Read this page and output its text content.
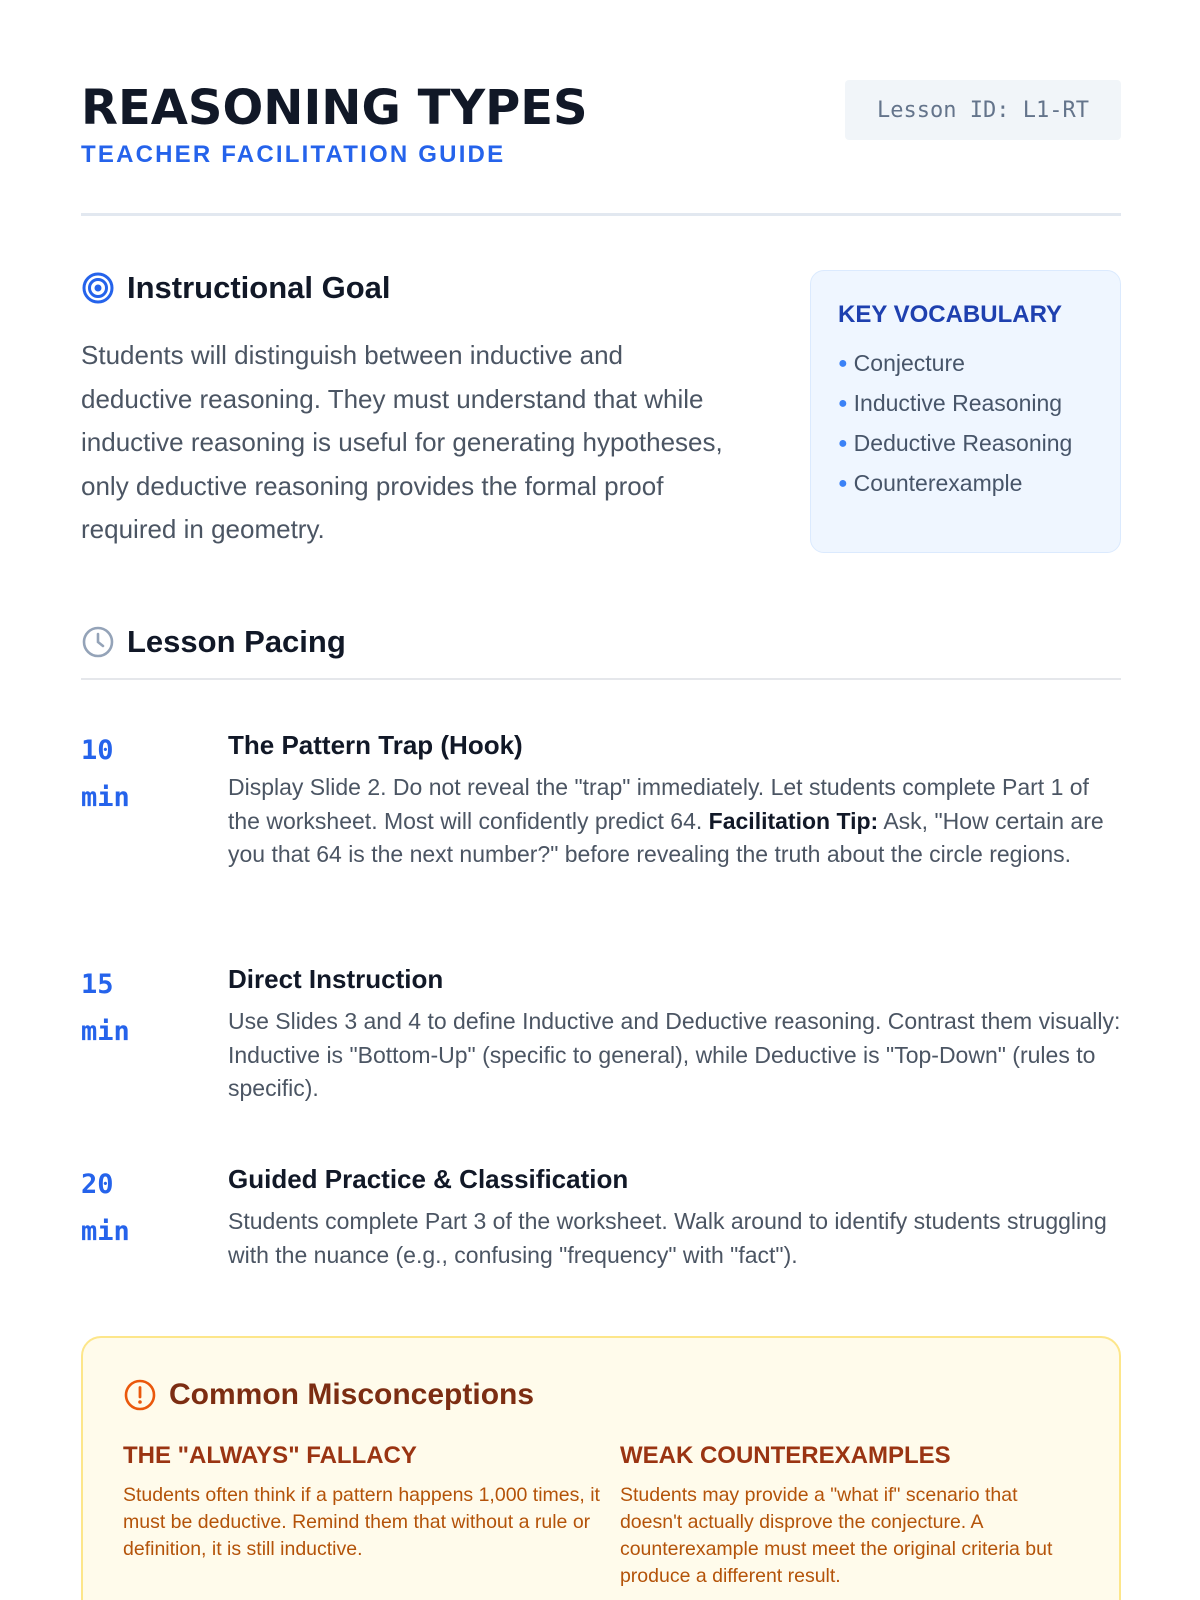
REASONING TYPES
TEACHER FACILITATION GUIDE
Lesson ID: L1-RT
Instructional Goal

Students will distinguish between inductive and deductive reasoning. They must understand that while inductive reasoning is useful for generating hypotheses, only deductive reasoning provides the formal proof required in geometry.

KEY VOCABULARY
● Conjecture
● Inductive Reasoning
● Deductive Reasoning
● Counterexample
Lesson Pacing
10
min
The Pattern Trap (Hook)

Display Slide 2. Do not reveal the "trap" immediately. Let students complete Part 1 of the worksheet. Most will confidently predict 64. Facilitation Tip: Ask, "How certain are you that 64 is the next number?" before revealing the truth about the circle regions.

15
min
Direct Instruction

Use Slides 3 and 4 to define Inductive and Deductive reasoning. Contrast them visually: Inductive is "Bottom-Up" (specific to general), while Deductive is "Top-Down" (rules to specific).

20
min
Guided Practice & Classification

Students complete Part 3 of the worksheet. Walk around to identify students struggling with the nuance (e.g., confusing "frequency" with "fact").

Common Misconceptions
THE "ALWAYS" FALLACY

Students often think if a pattern happens 1,000 times, it must be deductive. Remind them that without a rule or definition, it is still inductive.

WEAK COUNTEREXAMPLES

Students may provide a "what if" scenario that doesn't actually disprove the conjecture. A counterexample must meet the original criteria but produce a different result.
